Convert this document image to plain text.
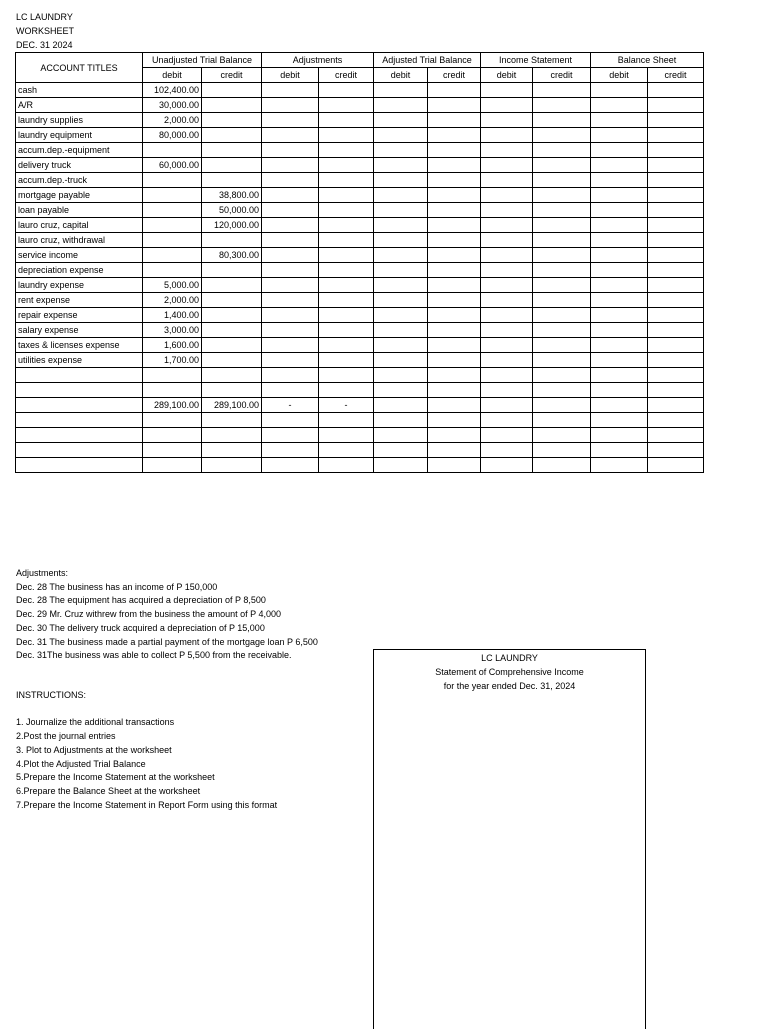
LC LAUNDRY
WORKSHEET
DEC. 31 2024
ACCOUNT TITLES	Unadjusted Trial Balance		Adjustments		Adjusted Trial Balance		Income Statement		Balance Sheet	
	debit	credit	debit	credit	debit	credit	debit	credit	debit	credit
cash	102,400.00									
A/R	30,000.00									
laundry supplies	2,000.00									
laundry equipment	80,000.00									
accum.dep.-equipment										
delivery truck	60,000.00									
accum.dep.-truck										
mortgage payable		38,800.00								
loan payable		50,000.00								
lauro cruz, capital		120,000.00								
lauro cruz, withdrawal										
service income		80,300.00								
depreciation expense										
laundry expense	5,000.00									
rent expense	2,000.00									
repair expense	1,400.00									
salary expense	3,000.00									
taxes & licenses expense	1,600.00									
utilities expense	1,700.00									

	289,100.00	289,100.00	-	-						

Adjustments:
Dec. 28 The business has an income of P 150,000
Dec. 28 The equipment has acquired a depreciation of P 8,500
Dec. 29 Mr. Cruz withrew from the business the amount of P 4,000
Dec. 30 The delivery truck acquired a depreciation of P 15,000
Dec. 31 The business made a partial payment of the mortgage loan P 6,500
Dec. 31The business was able to collect P 5,500 from the receivable.
INSTRUCTIONS:

1. Journalize the additional transactions
2.Post the journal entries
3. Plot to Adjustments at the worksheet
4.Plot the Adjusted Trial Balance
5.Prepare the Income Statement at the worksheet
6.Prepare the Balance Sheet at the worksheet
7.Prepare the Income Statement in Report Form using this format
LC LAUNDRY
Statement of Comprehensive Income
for the year ended Dec. 31, 2024
